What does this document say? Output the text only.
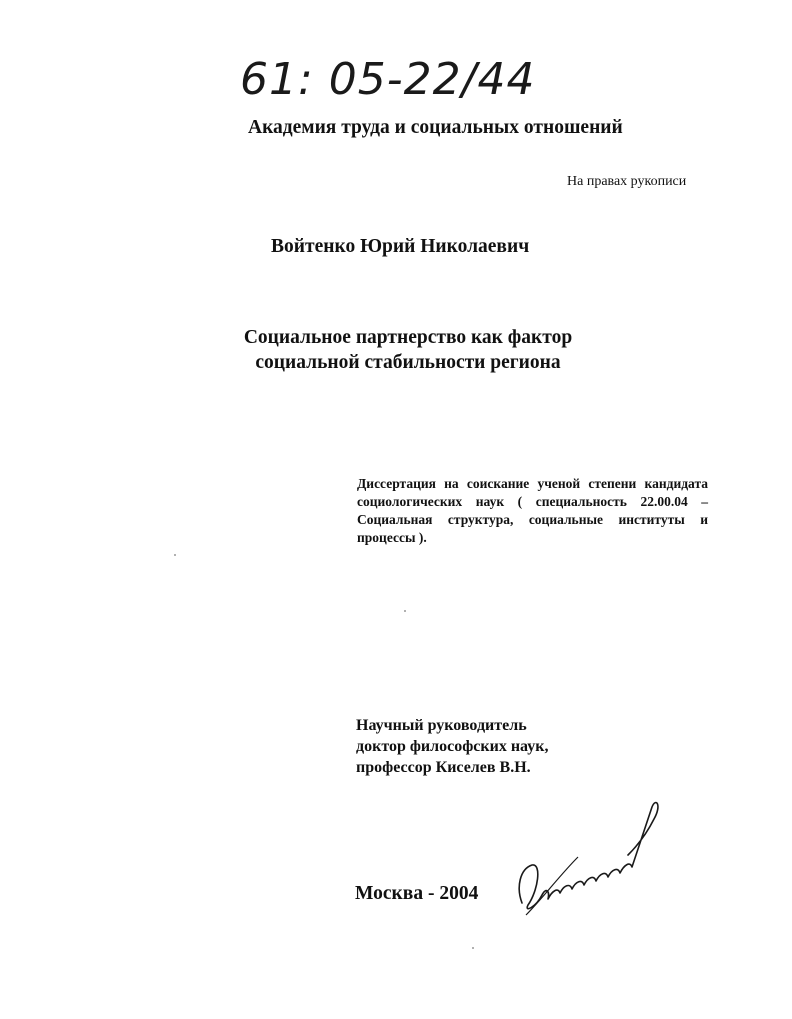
61: 05-22/44
Академия труда и социальных отношений
На правах рукописи
Войтенко Юрий Николаевич
Социальное партнерство как фактор
социальной стабильности региона
Диссертация на соискание ученой степени кандидата социологических наук ( специальность 22.00.04 – Социальная структура, социальные институты и процессы ).
Научный руководитель
доктор философских наук,
профессор Киселев В.Н.
Москва - 2004
